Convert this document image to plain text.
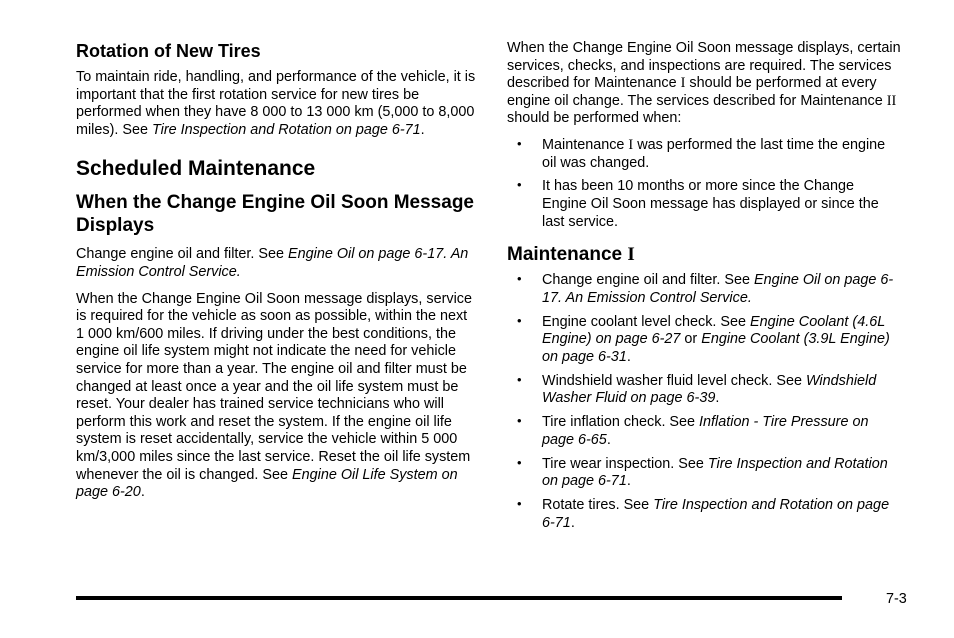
Rotation of New Tires

To maintain ride, handling, and performance of the vehicle, it is important that the first rotation service for new tires be performed when they have 8 000 to 13 000 km (5,000 to 8,000 miles). See Tire Inspection and Rotation on page 6-71.

Scheduled Maintenance
When the Change Engine Oil Soon Message Displays

Change engine oil and filter. See Engine Oil on page 6-17. An Emission Control Service.

When the Change Engine Oil Soon message displays, service is required for the vehicle as soon as possible, within the next 1 000 km/600 miles. If driving under the best conditions, the engine oil life system might not indicate the need for vehicle service for more than a year. The engine oil and filter must be changed at least once a year and the oil life system must be reset. Your dealer has trained service technicians who will perform this work and reset the system. If the engine oil life system is reset accidentally, service the vehicle within 5 000 km/3,000 miles since the last service. Reset the oil life system whenever the oil is changed. See Engine Oil Life System on page 6-20.

When the Change Engine Oil Soon message displays, certain services, checks, and inspections are required. The services described for Maintenance I should be performed at every engine oil change. The services described for Maintenance II should be performed when:

• Maintenance I was performed the last time the engine oil was changed.
• It has been 10 months or more since the Change Engine Oil Soon message has displayed or since the last service.
Maintenance I
• Change engine oil and filter. See Engine Oil on page 6-17. An Emission Control Service.
• Engine coolant level check. See Engine Coolant (4.6L Engine) on page 6-27 or Engine Coolant (3.9L Engine) on page 6-31.
• Windshield washer fluid level check. See Windshield Washer Fluid on page 6-39.
• Tire inflation check. See Inflation - Tire Pressure on page 6-65.
• Tire wear inspection. See Tire Inspection and Rotation on page 6-71.
• Rotate tires. See Tire Inspection and Rotation on page 6-71.
7-3
